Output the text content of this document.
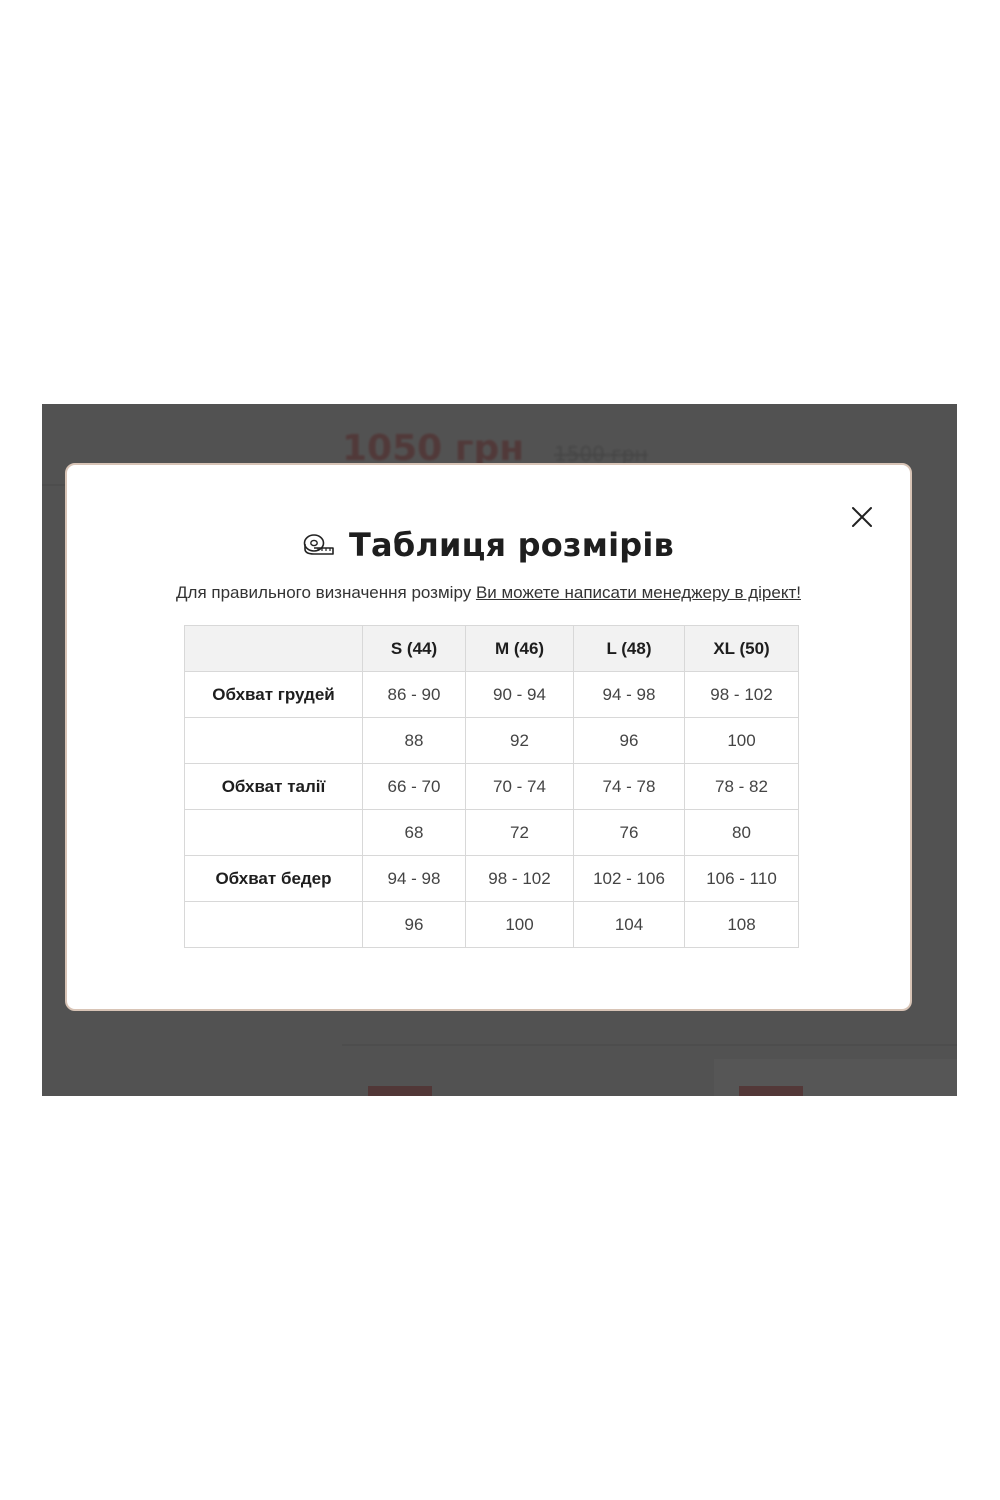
Таблиця розмірів
Для правильного визначення розміру Ви можете написати менеджеру в дірект!
	S (44)	M (46)	L (48)	XL (50)
Обхват грудей	86 - 90	90 - 94	94 - 98	98 - 102
	88	92	96	100
Обхват талії	66 - 70	70 - 74	74 - 78	78 - 82
	68	72	76	80
Обхват бедер	94 - 98	98 - 102	102 - 106	106 - 110
	96	100	104	108
